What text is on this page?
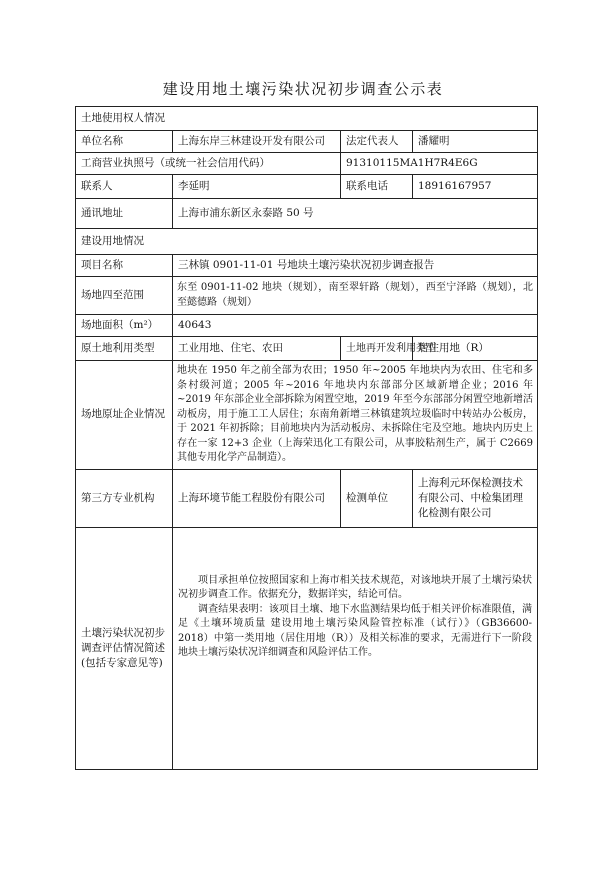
建设用地土壤污染状况初步调查公示表
土地使用权人情况			
单位名称	上海东岸三林建设开发有限公司	法定代表人	潘耀明
工商营业执照号（或统一社会信用代码）		91310115MA1H7R4E6G	
联系人	李延明	联系电话	18916167957
通讯地址	上海市浦东新区永泰路 50 号		
建设用地情况			
项目名称	三林镇 0901-11-01 号地块土壤污染状况初步调查报告		
场地四至范围	东至 0901-11-02 地块（规划），南至翠轩路（规划），西至宁泽路（规划），北至懿德路（规划）		
场地面积（m²）	40643		
原土地利用类型	工业用地、住宅、农田	土地再开发利用类型	居住用地（R）
场地原址企业情况	地块在 1950 年之前全部为农田；1950 年~2005 年地块内为农田、住宅和多条村级河道；2005 年~2016 年地块内东部部分区域新增企业；2016 年~2019 年东部企业全部拆除为闲置空地，2019 年至今东部部分闲置空地新增活动板房，用于施工工人居住；东南角新增三林镇建筑垃圾临时中转站办公板房，于 2021 年初拆除；目前地块内为活动板房、未拆除住宅及空地。地块内历史上存在一家 12+3 企业（上海荣迅化工有限公司，从事胶粘剂生产，属于 C2669 其他专用化学产品制造）。		
第三方专业机构	上海环境节能工程股份有限公司	检测单位	上海利元环保检测技术有限公司、中检集团理化检测有限公司
土壤污染状况初步调查评估情况简述(包括专家意见等)	项目承担单位按照国家和上海市相关技术规范，对该地块开展了土壤污染状况初步调查工作。依据充分，数据详实，结论可信。

调查结果表明：该项目土壤、地下水监测结果均低于相关评价标准限值，满足《土壤环境质量 建设用地土壤污染风险管控标准（试行）》（GB36600-2018）中第一类用地（居住用地（R））及相关标准的要求，无需进行下一阶段地块土壤污染状况详细调查和风险评估工作。		
